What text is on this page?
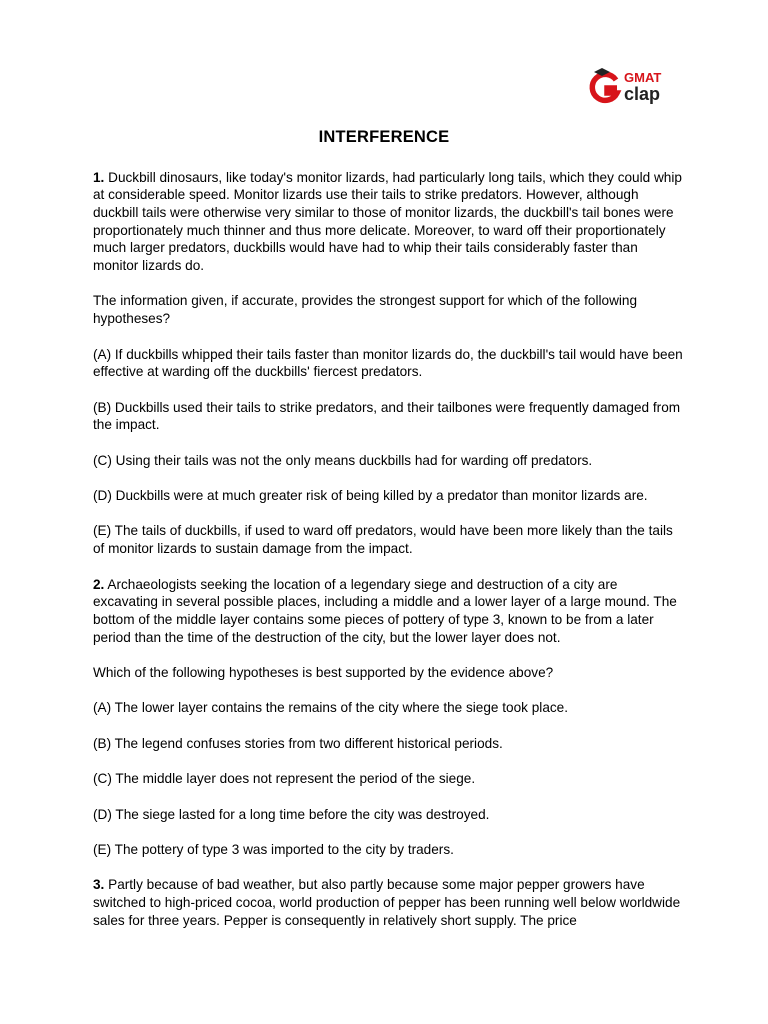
GMAT
clap
INTERFERENCE

1. Duckbill dinosaurs, like today's monitor lizards, had particularly long tails, which they could whip at considerable speed. Monitor lizards use their tails to strike predators. However, although duckbill tails were otherwise very similar to those of monitor lizards, the duckbill's tail bones were proportionately much thinner and thus more delicate. Moreover, to ward off their proportionately much larger predators, duckbills would have had to whip their tails considerably faster than monitor lizards do.

The information given, if accurate, provides the strongest support for which of the following hypotheses?

(A) If duckbills whipped their tails faster than monitor lizards do, the duckbill's tail would have been effective at warding off the duckbills' fiercest predators.

(B) Duckbills used their tails to strike predators, and their tailbones were frequently damaged from the impact.

(C) Using their tails was not the only means duckbills had for warding off predators.

(D) Duckbills were at much greater risk of being killed by a predator than monitor lizards are.

(E) The tails of duckbills, if used to ward off predators, would have been more likely than the tails of monitor lizards to sustain damage from the impact.

2. Archaeologists seeking the location of a legendary siege and destruction of a city are excavating in several possible places, including a middle and a lower layer of a large mound. The bottom of the middle layer contains some pieces of pottery of type 3, known to be from a later period than the time of the destruction of the city, but the lower layer does not.

Which of the following hypotheses is best supported by the evidence above?

(A) The lower layer contains the remains of the city where the siege took place.

(B) The legend confuses stories from two different historical periods.

(C) The middle layer does not represent the period of the siege.

(D) The siege lasted for a long time before the city was destroyed.

(E) The pottery of type 3 was imported to the city by traders.

3. Partly because of bad weather, but also partly because some major pepper growers have switched to high-priced cocoa, world production of pepper has been running well below worldwide sales for three years. Pepper is consequently in relatively short supply. The price
